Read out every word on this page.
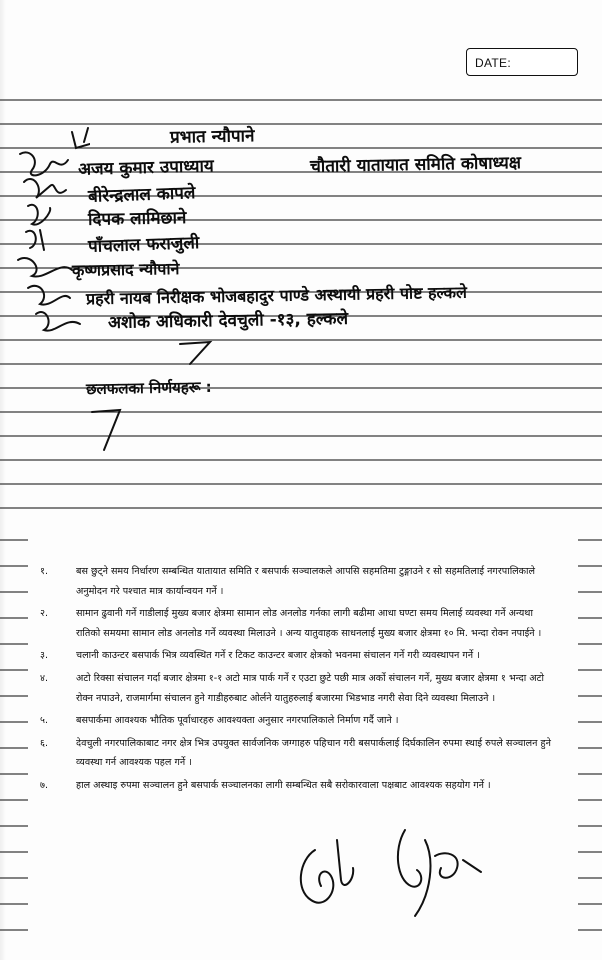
DATE:
प्रभात न्यौपाने
अजय कुमार उपाध्याय	चौतारी यातायात समिति कोषाध्यक्ष
बीरेन्द्रलाल कापले
दिपक लामिछाने
पाँचलाल फराजुली
कृष्णप्रसाद न्यौपाने
प्रहरी नायब निरीक्षक भोजबहादुर पाण्डे अस्थायी प्रहरी पोष्ट हल्कले
अशोक अधिकारी देवचुली -१३, हल्कले
छलफलका निर्णयहरू :
१.	बस छुट्ने समय निर्धारण सम्बन्धित यातायात समिति र बसपार्क सञ्चालकले आपसि सहमतिमा टुङ्गाउने र सो सहमतिलाई नगरपालिकाले अनुमोदन गरे पश्चात मात्र कार्यान्वयन गर्ने ।
२.	सामान ढुवानी गर्ने गाडीलाई मुख्य बजार क्षेत्रमा सामान लोड अनलोड गर्नका लागी बढीमा आधा घण्टा समय मिलाई व्यवस्था गर्ने अन्यथा रातिको समयमा सामान लोड अनलोड गर्ने व्यवस्था मिलाउने । अन्य यातुवाहक साधनलाई मुख्य बजार क्षेत्रमा १० मि. भन्दा रोक्न नपाईने ।
३.	चलानी काउन्टर बसपार्क भित्र व्यवस्थित गर्ने र टिकट काउन्टर बजार क्षेत्रको भवनमा संचालन गर्ने गरी व्यवस्थापन गर्ने ।
४.	अटो रिक्सा संचालन गर्दा बजार क्षेत्रमा १-१ अटो मात्र पार्क गर्ने र एउटा छुटे पछी मात्र अर्को संचालन गर्ने, मुख्य बजार क्षेत्रमा १ भन्दा अटो रोक्न नपाउने, राजमार्गमा संचालन हुने गाडीहरुबाट ओर्लने यातुहरुलाई बजारमा भिडभाड नगरी सेवा दिने व्यवस्था मिलाउने ।
५.	बसपार्कमा आवश्यक भौतिक पूर्वाधारहरु आवश्यक्ता अनुसार नगरपालिकाले निर्माण गर्दै जाने ।
६.	देवचुली नगरपालिकाबाट नगर क्षेत्र भित्र उपयुक्त सार्वजनिक जग्गाहरु पहिचान गरी बसपार्कलाई दिर्घकालिन रुपमा स्थाई रुपले सञ्चालन हुने व्यवस्था गर्न आवश्यक पहल गर्ने ।
७.	हाल अस्थाइ रुपमा सञ्चालन हुने बसपार्क सञ्चालनका लागी सम्बन्धित सबै सरोकारवाला पक्षबाट आवश्यक सहयोग गर्ने ।
